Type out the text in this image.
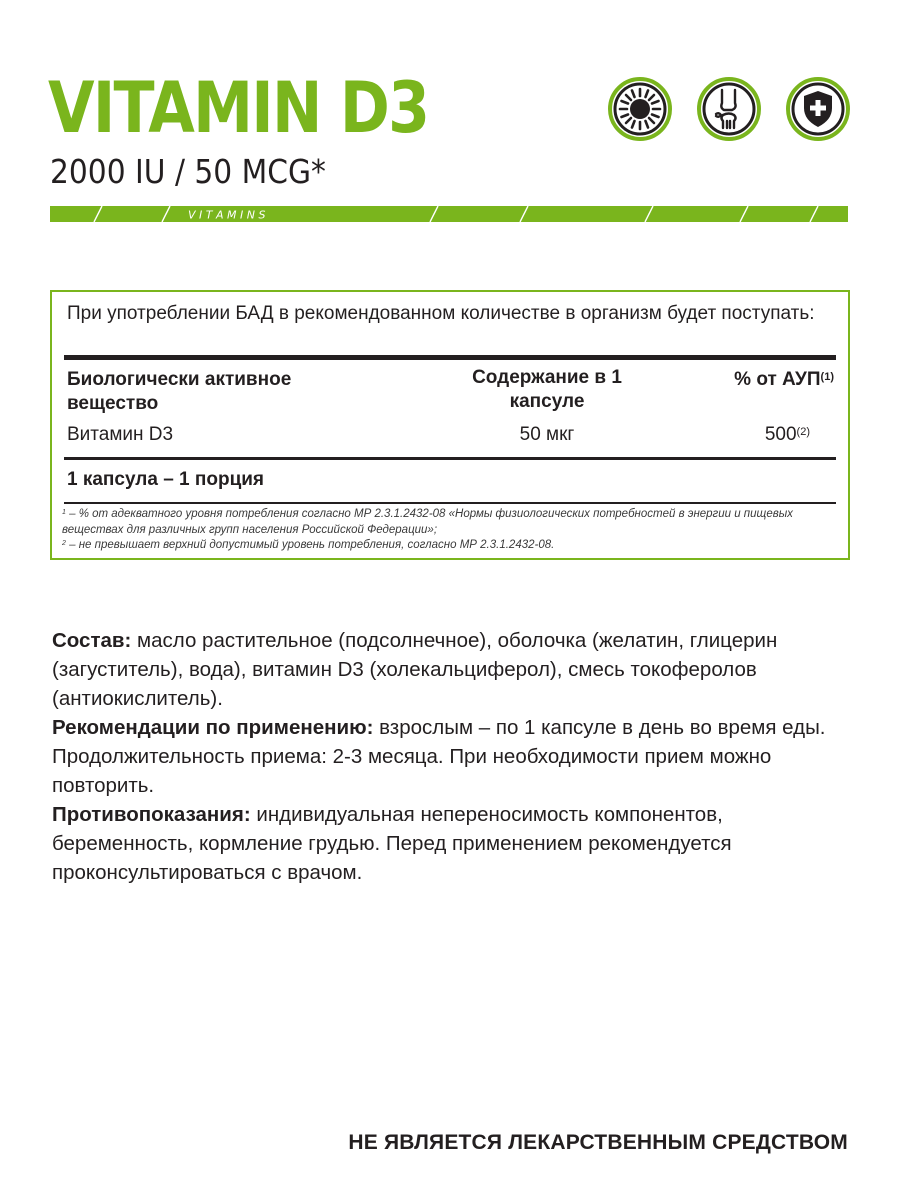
VITAMIN D3
2000 IU / 50 MCG*
V I T A M I N S
При употреблении БАД в рекомендованном количестве в организм будет поступать:
Биологически активное вещество
Содержание в 1 капсуле
% от АУП$^{(1)}$
Витамин D3	50 мкг	500$^{(2)}$
1 капсула – 1 порция
$^1$ – % от адекватного уровня потребления согласно МР 2.3.1.2432-08 «Нормы физиологических потребностей в энергии и пищевых веществах для различных групп населения Российской Федерации»;
$^2$ – не превышает верхний допустимый уровень потребления, согласно МР 2.3.1.2432-08.

Состав: масло растительное (подсолнечное), оболочка (желатин, глицерин (загуститель), вода), витамин D3 (холекальциферол), смесь токоферолов (антиокислитель).

Рекомендации по применению: взрослым – по 1 капсуле в день во время еды. Продолжительность приема: 2-3 месяца. При необходимости прием можно повторить.

Противопоказания: индивидуальная непереносимость компонентов, беременность, кормление грудью. Перед применением рекомендуется проконсультироваться с врачом.

НЕ ЯВЛЯЕТСЯ ЛЕКАРСТВЕННЫМ СРЕДСТВОМ
